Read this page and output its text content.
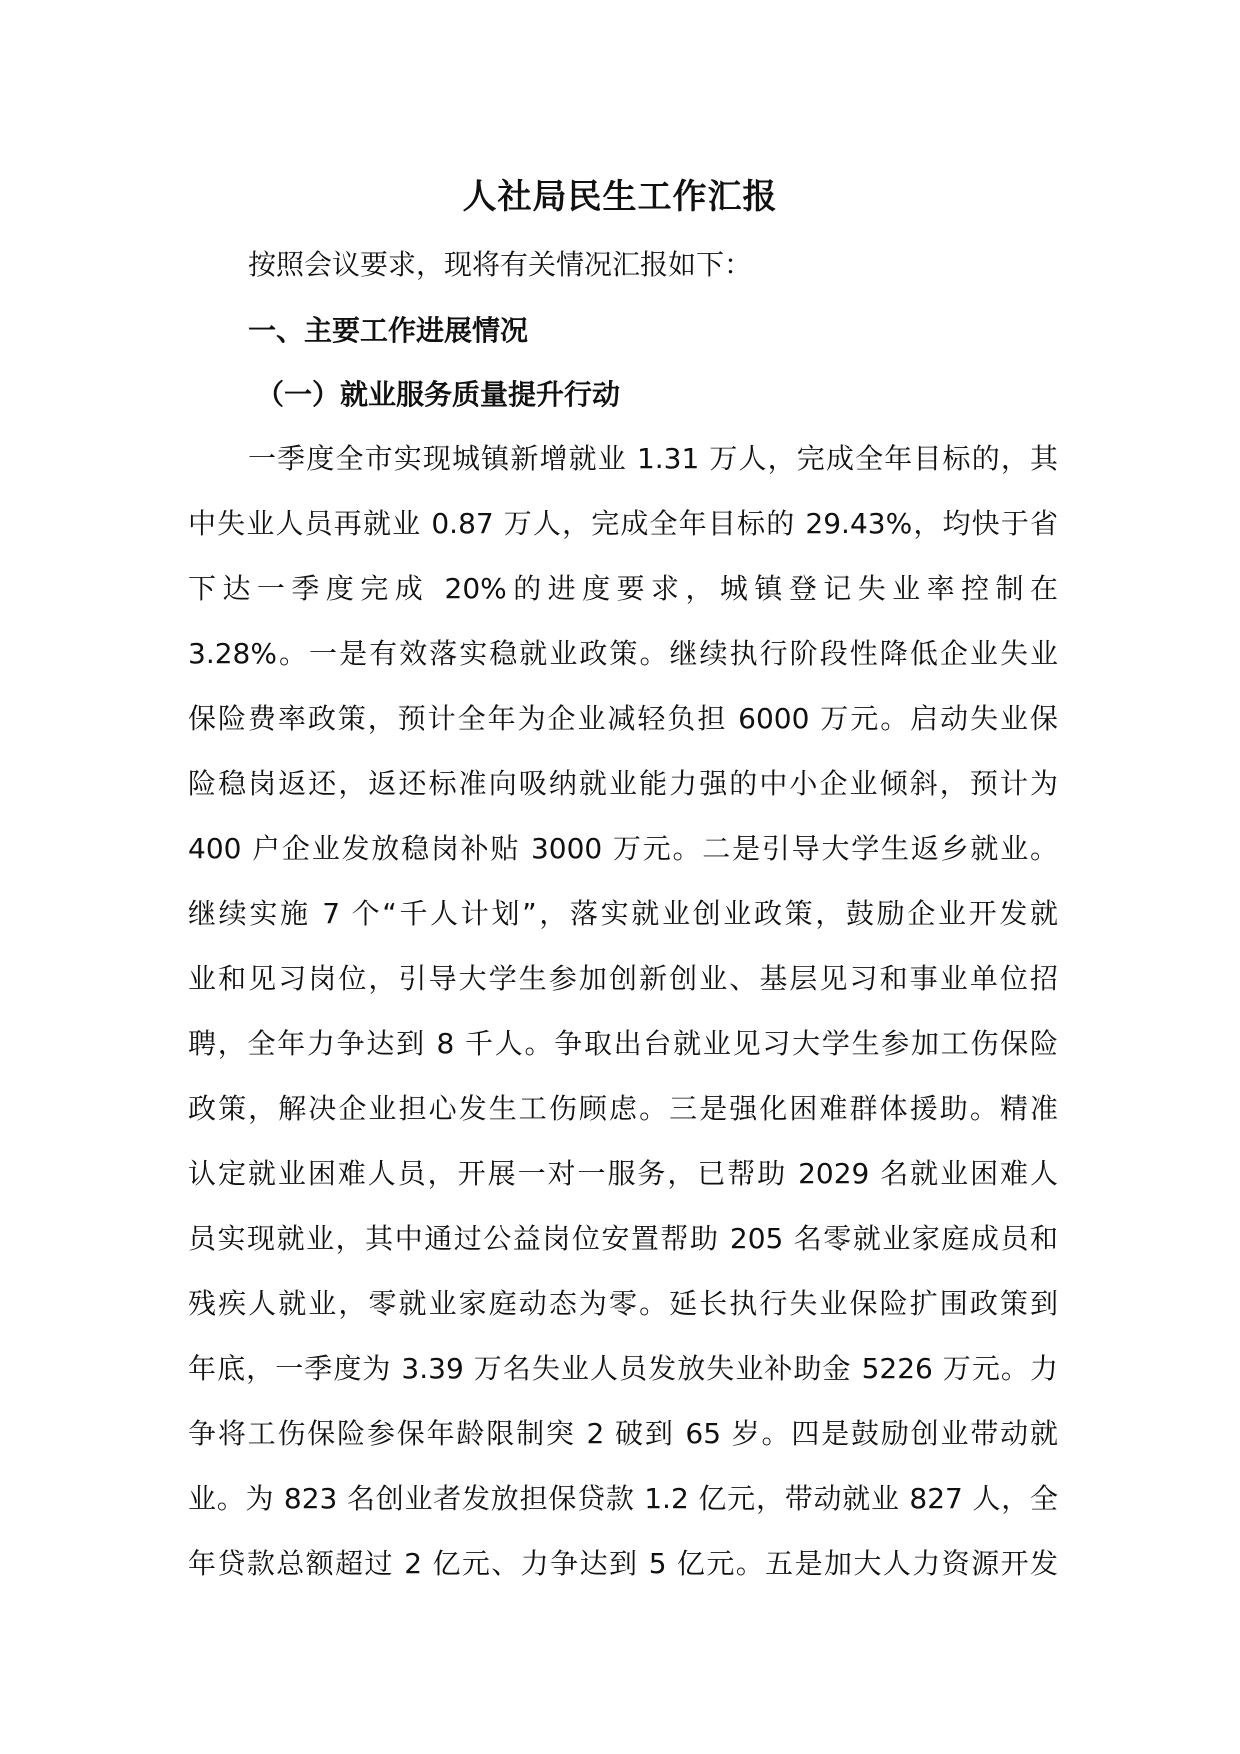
人社局民生工作汇报
按照会议要求，现将有关情况汇报如下：
一、主要工作进展情况
（一）就业服务质量提升行动
一季度全市实现城镇新增就业 1.31 万人，完成全年目标的，其
中失业人员再就业 0.87 万人，完成全年目标的 29.43%，均快于省
下达一季度完成 20%的进度要求，城镇登记失业率控制在
3.28%。一是有效落实稳就业政策。继续执行阶段性降低企业失业
保险费率政策，预计全年为企业减轻负担 6000 万元。启动失业保
险稳岗返还，返还标准向吸纳就业能力强的中小企业倾斜，预计为
400 户企业发放稳岗补贴 3000 万元。二是引导大学生返乡就业。
继续实施 7 个“千人计划”，落实就业创业政策，鼓励企业开发就
业和见习岗位，引导大学生参加创新创业、基层见习和事业单位招
聘，全年力争达到 8 千人。争取出台就业见习大学生参加工伤保险
政策，解决企业担心发生工伤顾虑。三是强化困难群体援助。精准
认定就业困难人员，开展一对一服务，已帮助 2029 名就业困难人
员实现就业，其中通过公益岗位安置帮助 205 名零就业家庭成员和
残疾人就业，零就业家庭动态为零。延长执行失业保险扩围政策到
年底，一季度为 3.39 万名失业人员发放失业补助金 5226 万元。力
争将工伤保险参保年龄限制突 2 破到 65 岁。四是鼓励创业带动就
业。为 823 名创业者发放担保贷款 1.2 亿元，带动就业 827 人，全
年贷款总额超过 2 亿元、力争达到 5 亿元。五是加大人力资源开发
